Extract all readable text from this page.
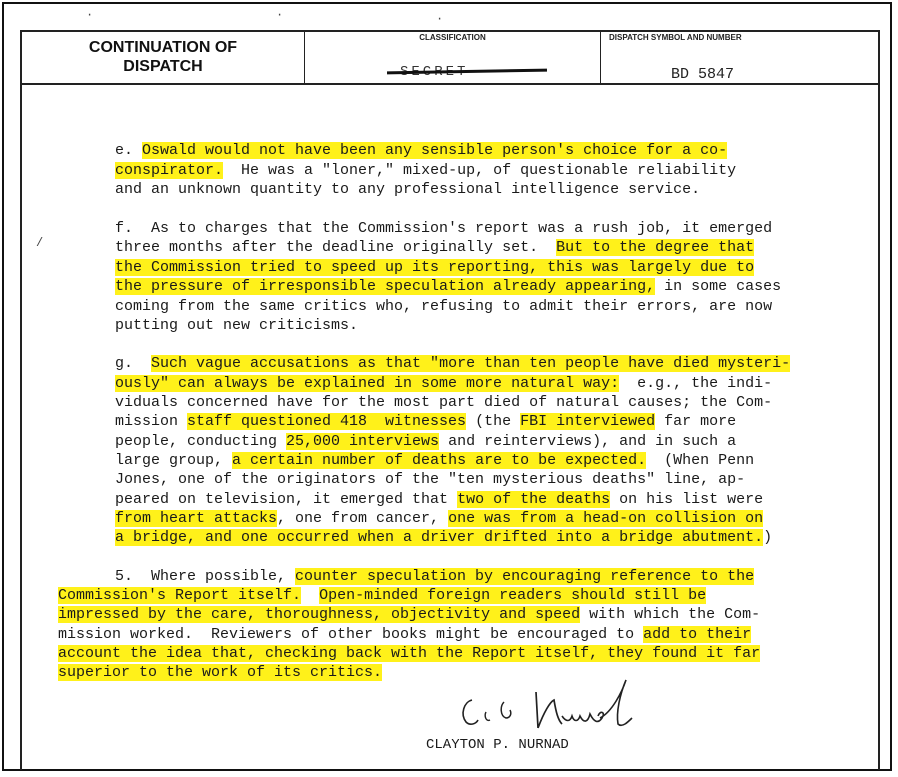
CONTINUATION OF
DISPATCH
CLASSIFICATION	DISPATCH SYMBOL AND NUMBER
BD 5847
e. Oswald would not have been any sensible person's choice for a co-
conspirator.  He was a "loner," mixed-up, of questionable reliability
and an unknown quantity to any professional intelligence service.
f.  As to charges that the Commission's report was a rush job, it emerged
three months after the deadline originally set.  But to the degree that
the Commission tried to speed up its reporting, this was largely due to
the pressure of irresponsible speculation already appearing, in some cases
coming from the same critics who, refusing to admit their errors, are now
putting out new criticisms.
g.  Such vague accusations as that "more than ten people have died mysteri-
ously" can always be explained in some more natural way:  e.g., the indi-
viduals concerned have for the most part died of natural causes; the Com-
mission staff questioned 418  witnesses (the FBI interviewed far more
people, conducting 25,000 interviews and reinterviews), and in such a
large group, a certain number of deaths are to be expected.  (When Penn
Jones, one of the originators of the "ten mysterious deaths" line, ap-
peared on television, it emerged that two of the deaths on his list were
from heart attacks, one from cancer, one was from a head-on collision on
a bridge, and one occurred when a driver drifted into a bridge abutment.)
5.  Where possible, counter speculation by encouraging reference to the
Commission's Report itself. Open-minded foreign readers should still be
impressed by the care, thoroughness, objectivity and speed with which the Com-
mission worked.  Reviewers of other books might be encouraged to add to their
account the idea that, checking back with the Report itself, they found it far
superior to the work of its critics.
CLAYTON P. NURNAD
·	·	·
/
